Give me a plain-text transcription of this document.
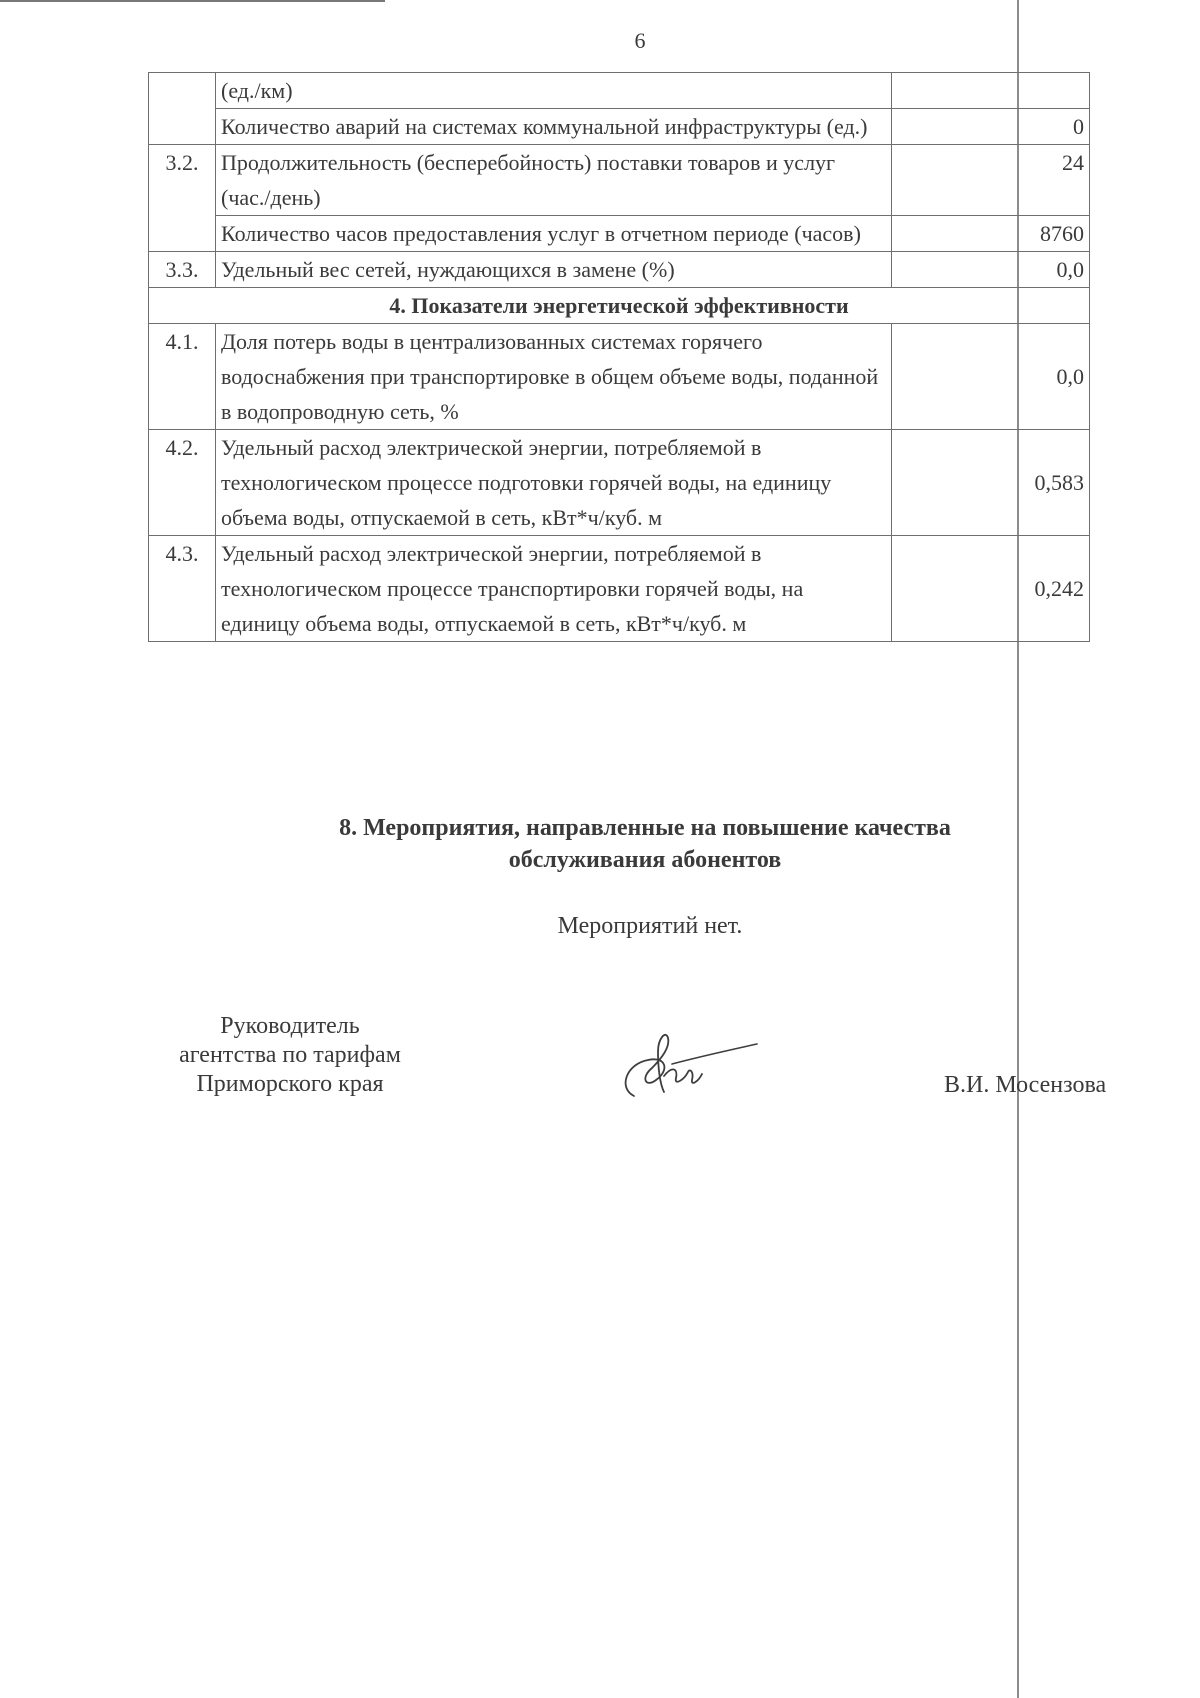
6
	(ед./км)	
	Количество аварий на системах коммунальной инфраструктуры (ед.)	0
3.2.	Продолжительность (бесперебойность) поставки товаров и услуг (час./день)	24
	Количество часов предоставления услуг в отчетном периоде (часов)	8760
3.3.	Удельный вес сетей, нуждающихся в замене (%)	0,0
4. Показатели энергетической эффективности		
4.1.	Доля потерь воды в централизованных системах горячего водоснабжения при транспортировке в общем объеме воды, поданной в водопроводную сеть, %	0,0
4.2.	Удельный расход электрической энергии, потребляемой в технологическом процессе подготовки горячей воды, на единицу объема воды, отпускаемой в сеть, кВт*ч/куб. м	0,583
4.3.	Удельный расход электрической энергии, потребляемой в технологическом процессе транспортировки горячей воды, на единицу объема воды, отпускаемой в сеть, кВт*ч/куб. м	0,242
8. Мероприятия, направленные на повышение качества
обслуживания абонентов
Мероприятий нет.
Руководитель
агентства по тарифам
Приморского края	В.И. Мосензова
